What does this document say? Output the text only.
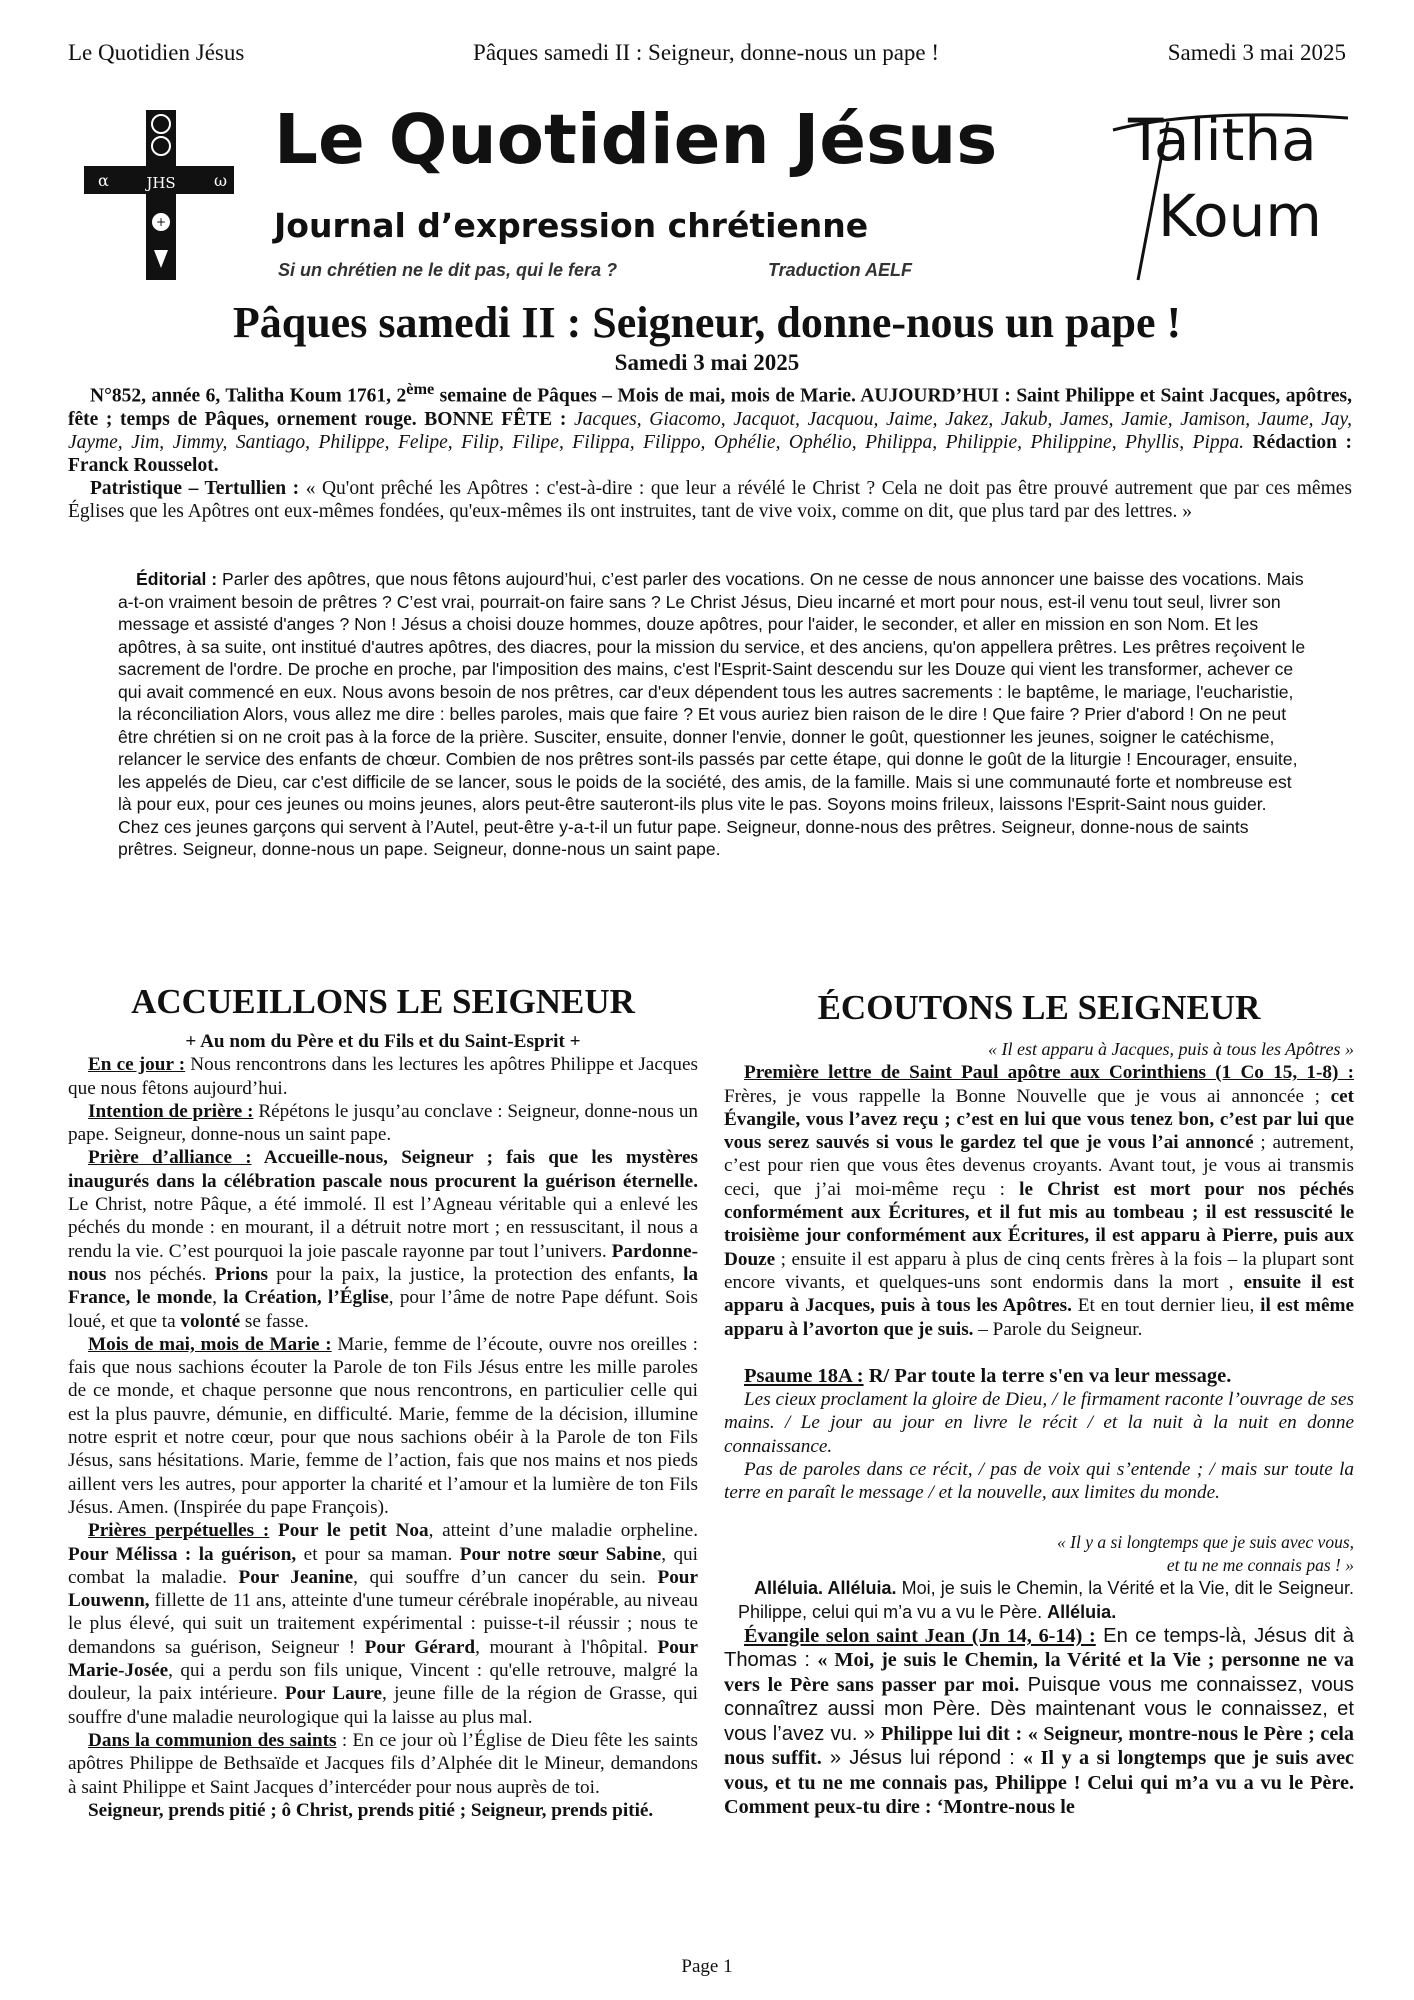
Le Quotidien Jésus	Pâques samedi II : Seigneur, donne-nous un pape !	Samedi 3 mai 2025
+
α	ω
JHS
Le Quotidien Jésus
Journal d’expression chrétienne
Si un chrétien ne le dit pas, qui le fera ?	Traduction AELF
Talitha
Koum
Pâques samedi II : Seigneur, donne-nous un pape !
Samedi 3 mai 2025

N°852, année 6, Talitha Koum 1761, 2ème semaine de Pâques – Mois de mai, mois de Marie. AUJOURD’HUI : Saint Philippe et Saint Jacques, apôtres, fête ; temps de Pâques, ornement rouge. BONNE FÊTE : Jacques, Giacomo, Jacquot, Jacquou, Jaime, Jakez, Jakub, James, Jamie, Jamison, Jaume, Jay, Jayme, Jim, Jimmy, Santiago, Philippe, Felipe, Filip, Filipe, Filippa, Filippo, Ophélie, Ophélio, Philippa, Philippie, Philippine, Phyllis, Pippa. Rédaction : Franck Rousselot.

Patristique – Tertullien : « Qu'ont prêché les Apôtres : c'est-à-dire : que leur a révélé le Christ ? Cela ne doit pas être prouvé autrement que par ces mêmes Églises que les Apôtres ont eux-mêmes fondées, qu'eux-mêmes ils ont instruites, tant de vive voix, comme on dit, que plus tard par des lettres. »

Éditorial : Parler des apôtres, que nous fêtons aujourd’hui, c’est parler des vocations. On ne cesse de nous annoncer une baisse des vocations. Mais a-t-on vraiment besoin de prêtres ? C’est vrai, pourrait-on faire sans ? Le Christ Jésus, Dieu incarné et mort pour nous, est-il venu tout seul, livrer son message et assisté d'anges ? Non ! Jésus a choisi douze hommes, douze apôtres, pour l'aider, le seconder, et aller en mission en son Nom. Et les apôtres, à sa suite, ont institué d'autres apôtres, des diacres, pour la mission du service, et des anciens, qu'on appellera prêtres. Les prêtres reçoivent le sacrement de l'ordre. De proche en proche, par l'imposition des mains, c'est l'Esprit-Saint descendu sur les Douze qui vient les transformer, achever ce qui avait commencé en eux. Nous avons besoin de nos prêtres, car d'eux dépendent tous les autres sacrements : le baptême, le mariage, l'eucharistie, la réconciliation Alors, vous allez me dire : belles paroles, mais que faire ? Et vous auriez bien raison de le dire ! Que faire ? Prier d'abord ! On ne peut être chrétien si on ne croit pas à la force de la prière. Susciter, ensuite, donner l'envie, donner le goût, questionner les jeunes, soigner le catéchisme, relancer le service des enfants de chœur. Combien de nos prêtres sont-ils passés par cette étape, qui donne le goût de la liturgie ! Encourager, ensuite, les appelés de Dieu, car c'est difficile de se lancer, sous le poids de la société, des amis, de la famille. Mais si une communauté forte et nombreuse est là pour eux, pour ces jeunes ou moins jeunes, alors peut-être sauteront-ils plus vite le pas. Soyons moins frileux, laissons l'Esprit-Saint nous guider. Chez ces jeunes garçons qui servent à l’Autel, peut-être y-a-t-il un futur pape. Seigneur, donne-nous des prêtres. Seigneur, donne-nous de saints prêtres. Seigneur, donne-nous un pape. Seigneur, donne-nous un saint pape.

ACCUEILLONS LE SEIGNEUR
+ Au nom du Père et du Fils et du Saint-Esprit +

En ce jour : Nous rencontrons dans les lectures les apôtres Philippe et Jacques que nous fêtons aujourd’hui.

Intention de prière : Répétons le jusqu’au conclave : Seigneur, donne-nous un pape. Seigneur, donne-nous un saint pape.

Prière d’alliance : Accueille-nous, Seigneur ; fais que les mystères inaugurés dans la célébration pascale nous procurent la guérison éternelle. Le Christ, notre Pâque, a été immolé. Il est l’Agneau véritable qui a enlevé les péchés du monde : en mourant, il a détruit notre mort ; en ressuscitant, il nous a rendu la vie. C’est pourquoi la joie pascale rayonne par tout l’univers. Pardonne-nous nos péchés. Prions pour la paix, la justice, la protection des enfants, la France, le monde, la Création, l’Église, pour l’âme de notre Pape défunt. Sois loué, et que ta volonté se fasse.

Mois de mai, mois de Marie : Marie, femme de l’écoute, ouvre nos oreilles : fais que nous sachions écouter la Parole de ton Fils Jésus entre les mille paroles de ce monde, et chaque personne que nous rencontrons, en particulier celle qui est la plus pauvre, démunie, en difficulté. Marie, femme de la décision, illumine notre esprit et notre cœur, pour que nous sachions obéir à la Parole de ton Fils Jésus, sans hésitations. Marie, femme de l’action, fais que nos mains et nos pieds aillent vers les autres, pour apporter la charité et l’amour et la lumière de ton Fils Jésus. Amen. (Inspirée du pape François).

Prières perpétuelles : Pour le petit Noa, atteint d’une maladie orpheline. Pour Mélissa : la guérison, et pour sa maman. Pour notre sœur Sabine, qui combat la maladie. Pour Jeanine, qui souffre d’un cancer du sein. Pour Louwenn, fillette de 11 ans, atteinte d'une tumeur cérébrale inopérable, au niveau le plus élevé, qui suit un traitement expérimental : puisse-t-il réussir ; nous te demandons sa guérison, Seigneur ! Pour Gérard, mourant à l'hôpital. Pour Marie-Josée, qui a perdu son fils unique, Vincent : qu'elle retrouve, malgré la douleur, la paix intérieure. Pour Laure, jeune fille de la région de Grasse, qui souffre d'une maladie neurologique qui la laisse au plus mal.

Dans la communion des saints : En ce jour où l’Église de Dieu fête les saints apôtres Philippe de Bethsaïde et Jacques fils d’Alphée dit le Mineur, demandons à saint Philippe et Saint Jacques d’intercéder pour nous auprès de toi.

Seigneur, prends pitié ; ô Christ, prends pitié ; Seigneur, prends pitié.

ÉCOUTONS LE SEIGNEUR
« Il est apparu à Jacques, puis à tous les Apôtres »

Première lettre de Saint Paul apôtre aux Corinthiens (1 Co 15, 1-8) : Frères, je vous rappelle la Bonne Nouvelle que je vous ai annoncée ; cet Évangile, vous l’avez reçu ; c’est en lui que vous tenez bon, c’est par lui que vous serez sauvés si vous le gardez tel que je vous l’ai annoncé ; autrement, c’est pour rien que vous êtes devenus croyants. Avant tout, je vous ai transmis ceci, que j’ai moi-même reçu : le Christ est mort pour nos péchés conformément aux Écritures, et il fut mis au tombeau ; il est ressuscité le troisième jour conformément aux Écritures, il est apparu à Pierre, puis aux Douze ; ensuite il est apparu à plus de cinq cents frères à la fois – la plupart sont encore vivants, et quelques-uns sont endormis dans la mort , ensuite il est apparu à Jacques, puis à tous les Apôtres. Et en tout dernier lieu, il est même apparu à l’avorton que je suis. – Parole du Seigneur.

Psaume 18A : R/ Par toute la terre s'en va leur message.

Les cieux proclament la gloire de Dieu, / le firmament raconte l’ouvrage de ses mains. / Le jour au jour en livre le récit / et la nuit à la nuit en donne connaissance.

Pas de paroles dans ce récit, / pas de voix qui s’entende ; / mais sur toute la terre en paraît le message / et la nouvelle, aux limites du monde.

« Il y a si longtemps que je suis avec vous,
et tu ne me connais pas ! »

Alléluia. Alléluia. Moi, je suis le Chemin, la Vérité et la Vie, dit le Seigneur. Philippe, celui qui m’a vu a vu le Père. Alléluia.

Évangile selon saint Jean (Jn 14, 6-14) : En ce temps-là, Jésus dit à Thomas : « Moi, je suis le Chemin, la Vérité et la Vie ; personne ne va vers le Père sans passer par moi. Puisque vous me connaissez, vous connaîtrez aussi mon Père. Dès maintenant vous le connaissez, et vous l’avez vu. » Philippe lui dit : « Seigneur, montre-nous le Père ; cela nous suffit. » Jésus lui répond : « Il y a si longtemps que je suis avec vous, et tu ne me connais pas, Philippe ! Celui qui m’a vu a vu le Père. Comment peux-tu dire : ‘Montre-nous le

Page 1
